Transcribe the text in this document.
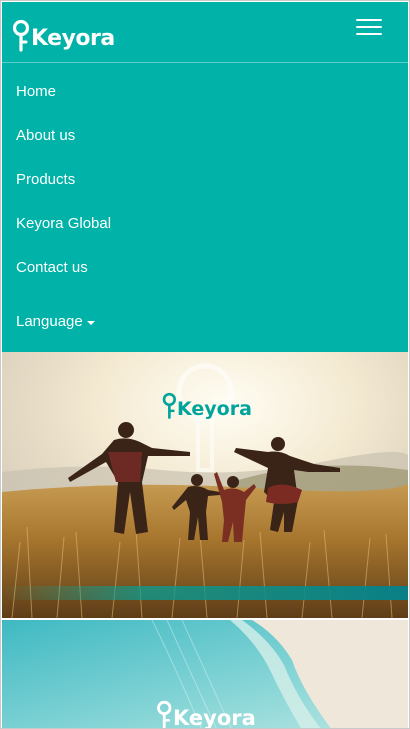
Keyora
Home
About us
Products
Keyora Global
Contact us
Language
Keyora
Keyora
